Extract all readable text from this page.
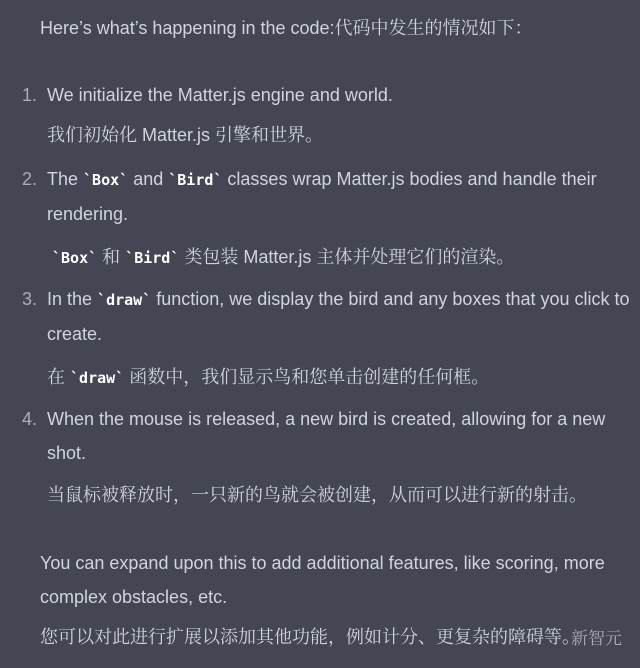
Here’s what’s happening in the code:代码中发生的情况如下：
1. We initialize the Matter.js engine and world.
我们初始化 Matter.js 引擎和世界。
2. The `Box` and `Bird` classes wrap Matter.js bodies and handle their rendering.
`Box` 和 `Bird` 类包装 Matter.js 主体并处理它们的渲染。
3. In the `draw` function, we display the bird and any boxes that you click to create.
在 `draw` 函数中，我们显示鸟和您单击创建的任何框。
4. When the mouse is released, a new bird is created, allowing for a new shot.
当鼠标被释放时，一只新的鸟就会被创建，从而可以进行新的射击。
You can expand upon this to add additional features, like scoring, more complex obstacles, etc.
您可以对此进行扩展以添加其他功能，例如计分、更复杂的障碍等。
新智元
